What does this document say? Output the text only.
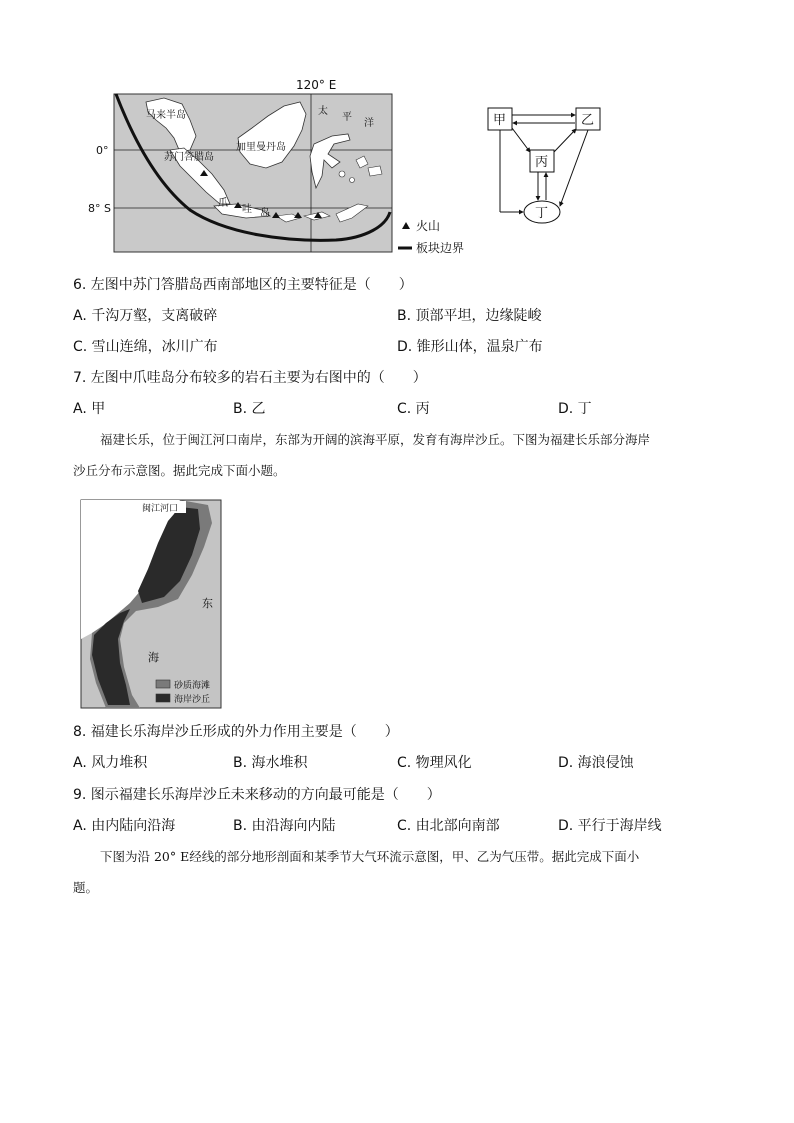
120° E
0°
8° S
马来半岛	太
平
洋
苏门答腊岛
加里曼丹岛
爪
哇 岛
火山
板块边界
甲	乙
丙
丁
6. 左图中苏门答腊岛西南部地区的主要特征是（　　）
A. 千沟万壑，支离破碎	B. 顶部平坦，边缘陡峻
C. 雪山连绵，冰川广布	D. 锥形山体，温泉广布
7. 左图中爪哇岛分布较多的岩石主要为右图中的（　　）
A. 甲	B. 乙	C. 丙	D. 丁
福建长乐，位于闽江河口南岸，东部为开阔的滨海平原，发育有海岸沙丘。下图为福建长乐部分海岸
沙丘分布示意图。据此完成下面小题。
闽江河口
东
海
砂质海滩
海岸沙丘
8. 福建长乐海岸沙丘形成的外力作用主要是（　　）
A. 风力堆积	B. 海水堆积	C. 物理风化	D. 海浪侵蚀
9. 图示福建长乐海岸沙丘未来移动的方向最可能是（　　）
A. 由内陆向沿海	B. 由沿海向内陆	C. 由北部向南部	D. 平行于海岸线
下图为沿 20° E经线的部分地形剖面和某季节大气环流示意图，甲、乙为气压带。据此完成下面小
题。
